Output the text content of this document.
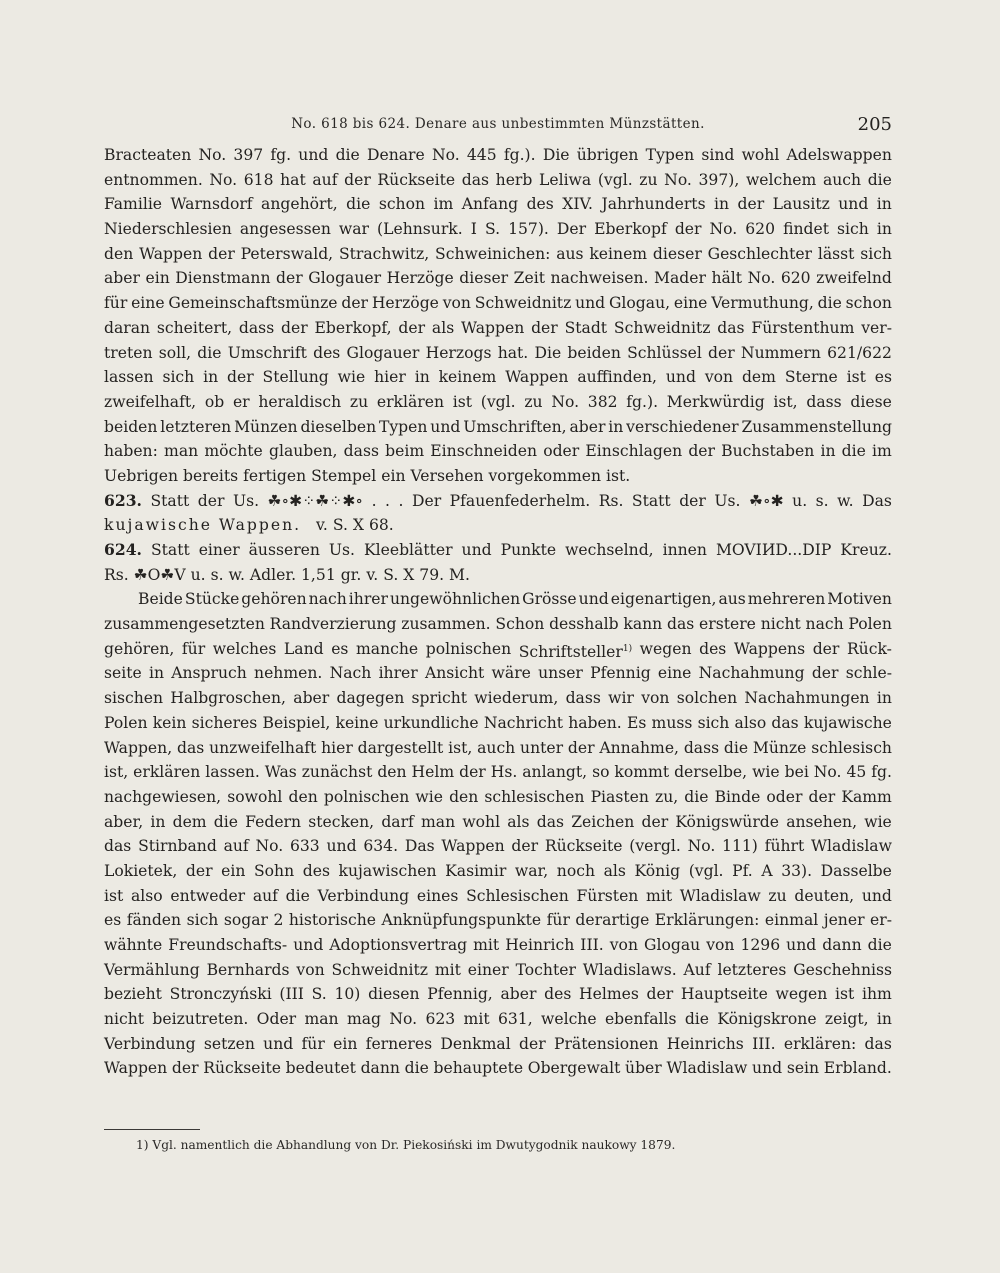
No. 618 bis 624. Denare aus unbestimmten Münzstätten.	205
Bracteaten No. 397 fg. und die Denare No. 445 fg.). Die übrigen Typen sind wohl Adelswappen
entnommen. No. 618 hat auf der Rückseite das herb Leliwa (vgl. zu No. 397), welchem auch die
Familie Warnsdorf angehört, die schon im Anfang des XIV. Jahrhunderts in der Lausitz und in
Niederschlesien angesessen war (Lehnsurk. I S. 157). Der Eberkopf der No. 620 findet sich in
den Wappen der Peterswald, Strachwitz, Schweinichen: aus keinem dieser Geschlechter lässt sich
aber ein Dienstmann der Glogauer Herzöge dieser Zeit nachweisen. Mader hält No. 620 zweifelnd
für eine Gemeinschaftsmünze der Herzöge von Schweidnitz und Glogau, eine Vermuthung, die schon
daran scheitert, dass der Eberkopf, der als Wappen der Stadt Schweidnitz das Fürstenthum ver-
treten soll, die Umschrift des Glogauer Herzogs hat. Die beiden Schlüssel der Nummern 621/622
lassen sich in der Stellung wie hier in keinem Wappen auffinden, und von dem Sterne ist es
zweifelhaft, ob er heraldisch zu erklären ist (vgl. zu No. 382 fg.). Merkwürdig ist, dass diese
beiden letzteren Münzen dieselben Typen und Umschriften, aber in verschiedener Zusammenstellung
haben: man möchte glauben, dass beim Einschneiden oder Einschlagen der Buchstaben in die im
Uebrigen
bereits
fertigen
Stempel
ein
Versehen
vorgekommen
ist.
623. Statt der Us. ☘∘✱⁘☘⁘✱∘ . . . Der Pfauenfederhelm. Rs. Statt der Us. ☘∘✱ u. s. w. Das
kujawische Wappen.
v. S. X 68.
624. Statt einer äusseren Us. Kleeblätter und Punkte wechselnd, innen MOVIИD...DIP Kreuz.
Rs. ☘O☘V u. s. w. Adler. 1,51 gr. v. S. X 79. M.
Beide Stücke gehören nach ihrer ungewöhnlichen Grösse und eigenartigen, aus mehreren Motiven
zusammengesetzten Randverzierung zusammen. Schon desshalb kann das erstere nicht nach Polen
gehören, für welches Land es manche polnischen Schriftsteller$^{1)}$ wegen des Wappens der Rück-
seite in Anspruch nehmen. Nach ihrer Ansicht wäre unser Pfennig eine Nachahmung der schle-
sischen Halbgroschen, aber dagegen spricht wiederum, dass wir von solchen Nachahmungen in
Polen kein sicheres Beispiel, keine urkundliche Nachricht haben. Es muss sich also das kujawische
Wappen, das unzweifelhaft hier dargestellt ist, auch unter der Annahme, dass die Münze schlesisch
ist, erklären lassen. Was zunächst den Helm der Hs. anlangt, so kommt derselbe, wie bei No. 45 fg.
nachgewiesen, sowohl den polnischen wie den schlesischen Piasten zu, die Binde oder der Kamm
aber, in dem die Federn stecken, darf man wohl als das Zeichen der Königswürde ansehen, wie
das Stirnband auf No. 633 und 634. Das Wappen der Rückseite (vergl. No. 111) führt Wladislaw
Lokietek, der ein Sohn des kujawischen Kasimir war, noch als König (vgl. Pf. A 33). Dasselbe
ist also entweder auf die Verbindung eines Schlesischen Fürsten mit Wladislaw zu deuten, und
es fänden sich sogar 2 historische Anknüpfungspunkte für derartige Erklärungen: einmal jener er-
wähnte Freundschafts- und Adoptionsvertrag mit Heinrich III. von Glogau von 1296 und dann die
Vermählung Bernhards von Schweidnitz mit einer Tochter Wladislaws. Auf letzteres Geschehniss
bezieht Stronczyński (III S. 10) diesen Pfennig, aber des Helmes der Hauptseite wegen ist ihm
nicht beizutreten. Oder man mag No. 623 mit 631, welche ebenfalls die Königskrone zeigt, in
Verbindung setzen und für ein ferneres Denkmal der Prätensionen Heinrichs III. erklären: das
Wappen der Rückseite bedeutet dann die behauptete Obergewalt über Wladislaw und sein Erbland.
1) Vgl. namentlich die Abhandlung von Dr. Piekosiński im Dwutygodnik naukowy 1879.
